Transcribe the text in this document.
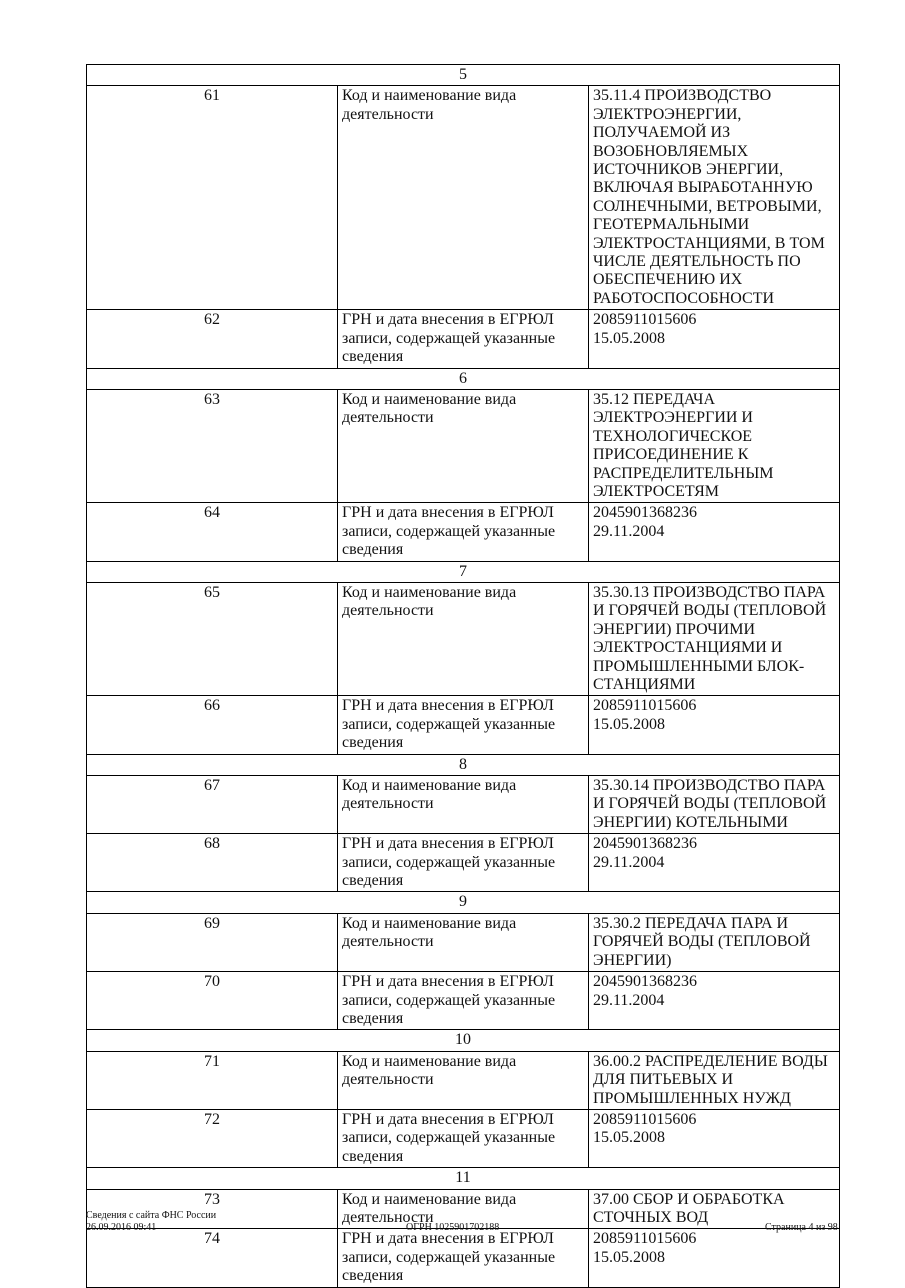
5		
61	Код и наименование вида деятельности	35.11.4 ПРОИЗВОДСТВО ЭЛЕКТРОЭНЕРГИИ, ПОЛУЧАЕМОЙ ИЗ ВОЗОБНОВЛЯЕМЫХ ИСТОЧНИКОВ ЭНЕРГИИ, ВКЛЮЧАЯ ВЫРАБОТАННУЮ СОЛНЕЧНЫМИ, ВЕТРОВЫМИ, ГЕОТЕРМАЛЬНЫМИ ЭЛЕКТРОСТАНЦИЯМИ, В ТОМ ЧИСЛЕ ДЕЯТЕЛЬНОСТЬ ПО ОБЕСПЕЧЕНИЮ ИХ РАБОТОСПОСОБНОСТИ
62	ГРН и дата внесения в ЕГРЮЛ записи, содержащей указанные сведения	2085911015606
15.05.2008

6		
63	Код и наименование вида деятельности	35.12 ПЕРЕДАЧА ЭЛЕКТРОЭНЕРГИИ И ТЕХНОЛОГИЧЕСКОЕ ПРИСОЕДИНЕНИЕ К РАСПРЕДЕЛИТЕЛЬНЫМ ЭЛЕКТРОСЕТЯМ
64	ГРН и дата внесения в ЕГРЮЛ записи, содержащей указанные сведения	2045901368236
29.11.2004

7		
65	Код и наименование вида деятельности	35.30.13 ПРОИЗВОДСТВО ПАРА И ГОРЯЧЕЙ ВОДЫ (ТЕПЛОВОЙ ЭНЕРГИИ) ПРОЧИМИ ЭЛЕКТРОСТАНЦИЯМИ И ПРОМЫШЛЕННЫМИ БЛОК-СТАНЦИЯМИ
66	ГРН и дата внесения в ЕГРЮЛ записи, содержащей указанные сведения	2085911015606
15.05.2008

8		
67	Код и наименование вида деятельности	35.30.14 ПРОИЗВОДСТВО ПАРА И ГОРЯЧЕЙ ВОДЫ (ТЕПЛОВОЙ ЭНЕРГИИ) КОТЕЛЬНЫМИ
68	ГРН и дата внесения в ЕГРЮЛ записи, содержащей указанные сведения	2045901368236
29.11.2004

9		
69	Код и наименование вида деятельности	35.30.2 ПЕРЕДАЧА ПАРА И ГОРЯЧЕЙ ВОДЫ (ТЕПЛОВОЙ ЭНЕРГИИ)
70	ГРН и дата внесения в ЕГРЮЛ записи, содержащей указанные сведения	2045901368236
29.11.2004

10		
71	Код и наименование вида деятельности	36.00.2 РАСПРЕДЕЛЕНИЕ ВОДЫ ДЛЯ ПИТЬЕВЫХ И ПРОМЫШЛЕННЫХ НУЖД
72	ГРН и дата внесения в ЕГРЮЛ записи, содержащей указанные сведения	2085911015606
15.05.2008

11		
73	Код и наименование вида деятельности	37.00 СБОР И ОБРАБОТКА СТОЧНЫХ ВОД
74	ГРН и дата внесения в ЕГРЮЛ записи, содержащей указанные сведения	2085911015606
15.05.2008
Сведения с сайта ФНС России
26.09.2016 09:41	ОГРН 1025901702188	Страница 4 из 98
